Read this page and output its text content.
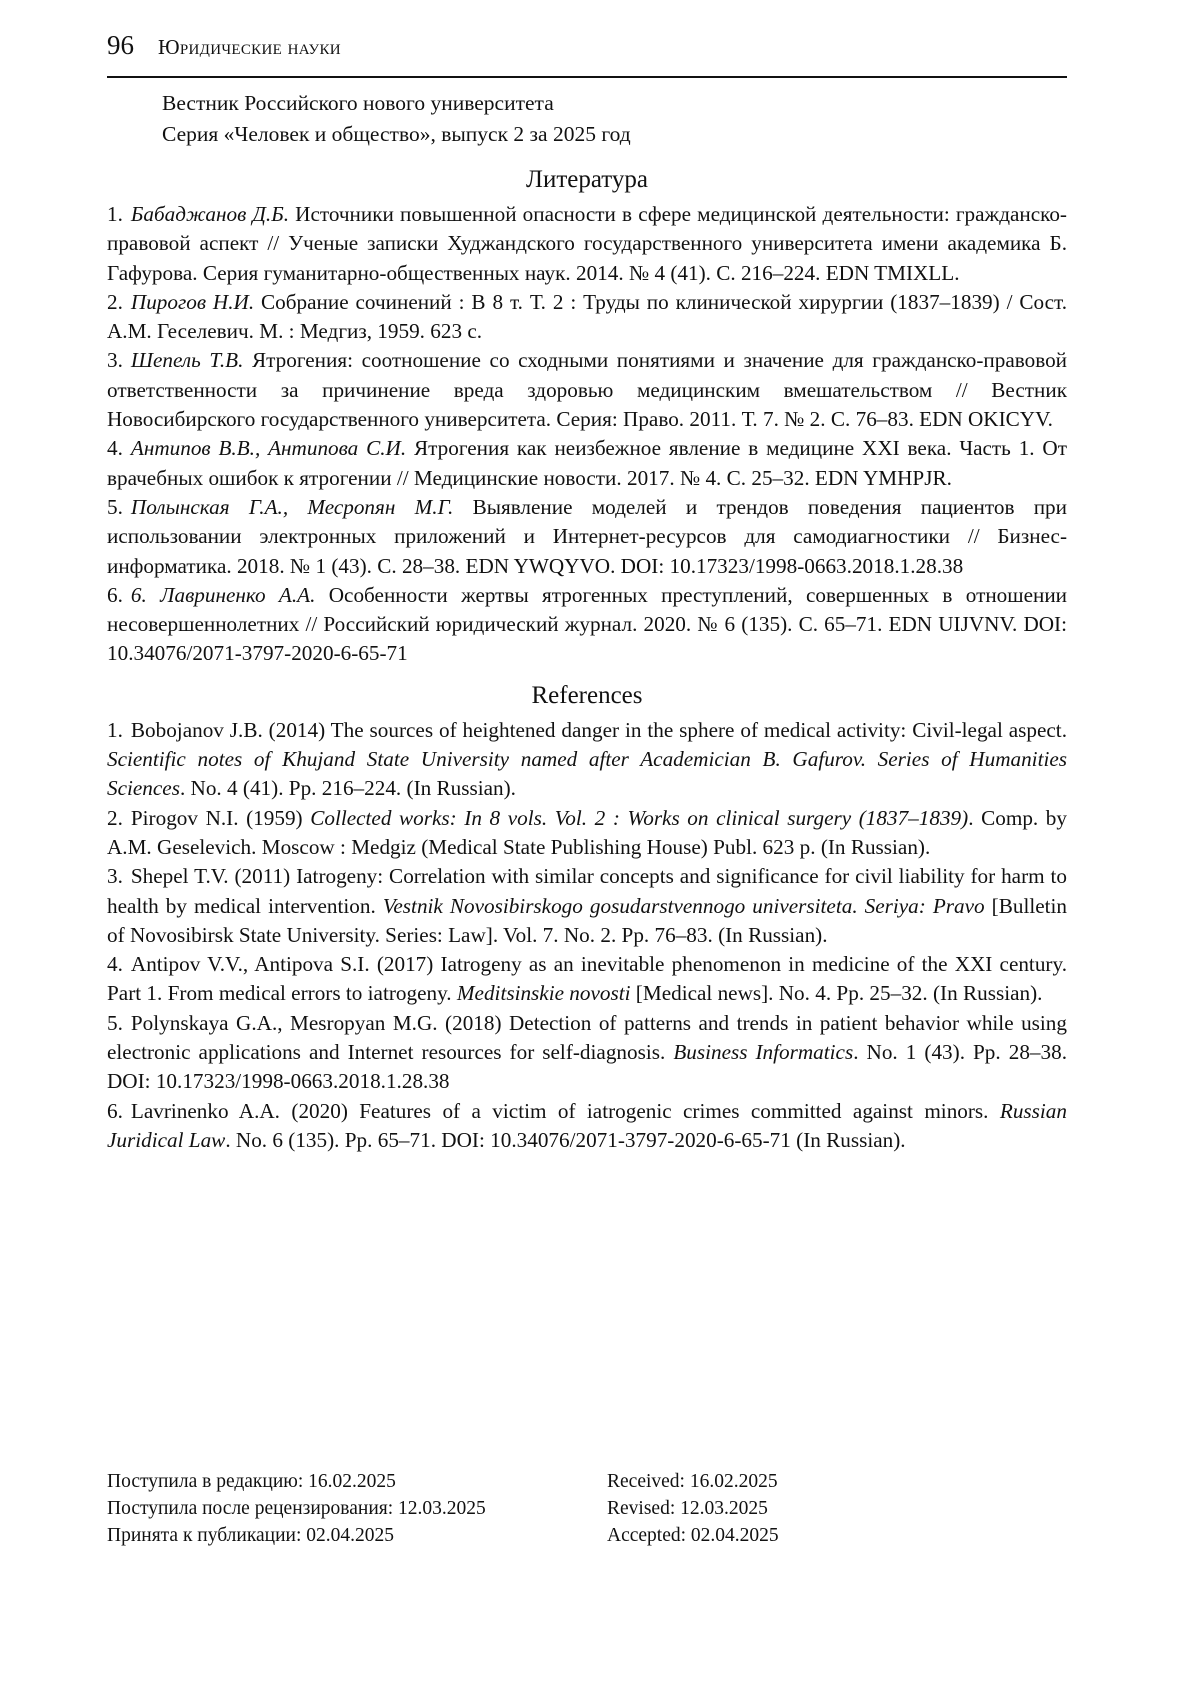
96 Юридические науки
Вестник Российского нового университета
Серия «Человек и общество», выпуск 2 за 2025 год
Литература

1. Бабаджанов Д.Б. Источники повышенной опасности в сфере медицинской деятельности: гражданско-правовой аспект // Ученые записки Худжандского государственного университета имени академика Б. Гафурова. Серия гуманитарно-общественных наук. 2014. № 4 (41). С. 216–224. EDN TMIXLL.

2. Пирогов Н.И. Собрание сочинений : В 8 т. Т. 2 : Труды по клинической хирургии (1837–1839) / Сост. А.М. Геселевич. М. : Медгиз, 1959. 623 с.

3. Шепель Т.В. Ятрогения: соотношение со сходными понятиями и значение для гражданско-правовой ответственности за причинение вреда здоровью медицинским вмешательством // Вестник Новосибирского государственного университета. Серия: Право. 2011. Т. 7. № 2. С. 76–83. EDN OKICYV.

4. Антипов В.В., Антипова С.И. Ятрогения как неизбежное явление в медицине XXI века. Часть 1. От врачебных ошибок к ятрогении // Медицинские новости. 2017. № 4. С. 25–32. EDN YMHPJR.

5. Полынская Г.А., Месропян М.Г. Выявление моделей и трендов поведения пациентов при использовании электронных приложений и Интернет-ресурсов для самодиагностики // Бизнес-информатика. 2018. № 1 (43). С. 28–38. EDN YWQYVO. DOI: 10.17323/1998-0663.2018.1.28.38

6. 6. Лавриненко А.А. Особенности жертвы ятрогенных преступлений, совершенных в отношении несовершеннолетних // Российский юридический журнал. 2020. № 6 (135). С. 65–71. EDN UIJVNV. DOI: 10.34076/2071-3797-2020-6-65-71

References

1. Bobojanov J.B. (2014) The sources of heightened danger in the sphere of medical activity: Civil-legal aspect. Scientific notes of Khujand State University named after Academician B. Gafurov. Series of Humanities Sciences. No. 4 (41). Pp. 216–224. (In Russian).

2. Pirogov N.I. (1959) Collected works: In 8 vols. Vol. 2 : Works on clinical surgery (1837–1839). Comp. by A.M. Geselevich. Moscow : Medgiz (Medical State Publishing House) Publ. 623 p. (In Russian).

3. Shepel T.V. (2011) Iatrogeny: Correlation with similar concepts and significance for civil liability for harm to health by medical intervention. Vestnik Novosibirskogo gosudarstvennogo universiteta. Seriya: Pravo [Bulletin of Novosibirsk State University. Series: Law]. Vol. 7. No. 2. Pp. 76–83. (In Russian).

4. Antipov V.V., Antipova S.I. (2017) Iatrogeny as an inevitable phenomenon in medicine of the XXI century. Part 1. From medical errors to iatrogeny. Meditsinskie novosti [Medical news]. No. 4. Pp. 25–32. (In Russian).

5. Polynskaya G.A., Mesropyan M.G. (2018) Detection of patterns and trends in patient behavior while using electronic applications and Internet resources for self-diagnosis. Business Informatics. No. 1 (43). Pp. 28–38. DOI: 10.17323/1998-0663.2018.1.28.38

6. Lavrinenko A.A. (2020) Features of a victim of iatrogenic crimes committed against minors. Russian Juridical Law. No. 6 (135). Pp. 65–71. DOI: 10.34076/2071-3797-2020-6-65-71 (In Russian).

Поступила в редакцию: 16.02.2025
Поступила после рецензирования: 12.03.2025
Принята к публикации: 02.04.2025
Received: 16.02.2025
Revised: 12.03.2025
Accepted: 02.04.2025
